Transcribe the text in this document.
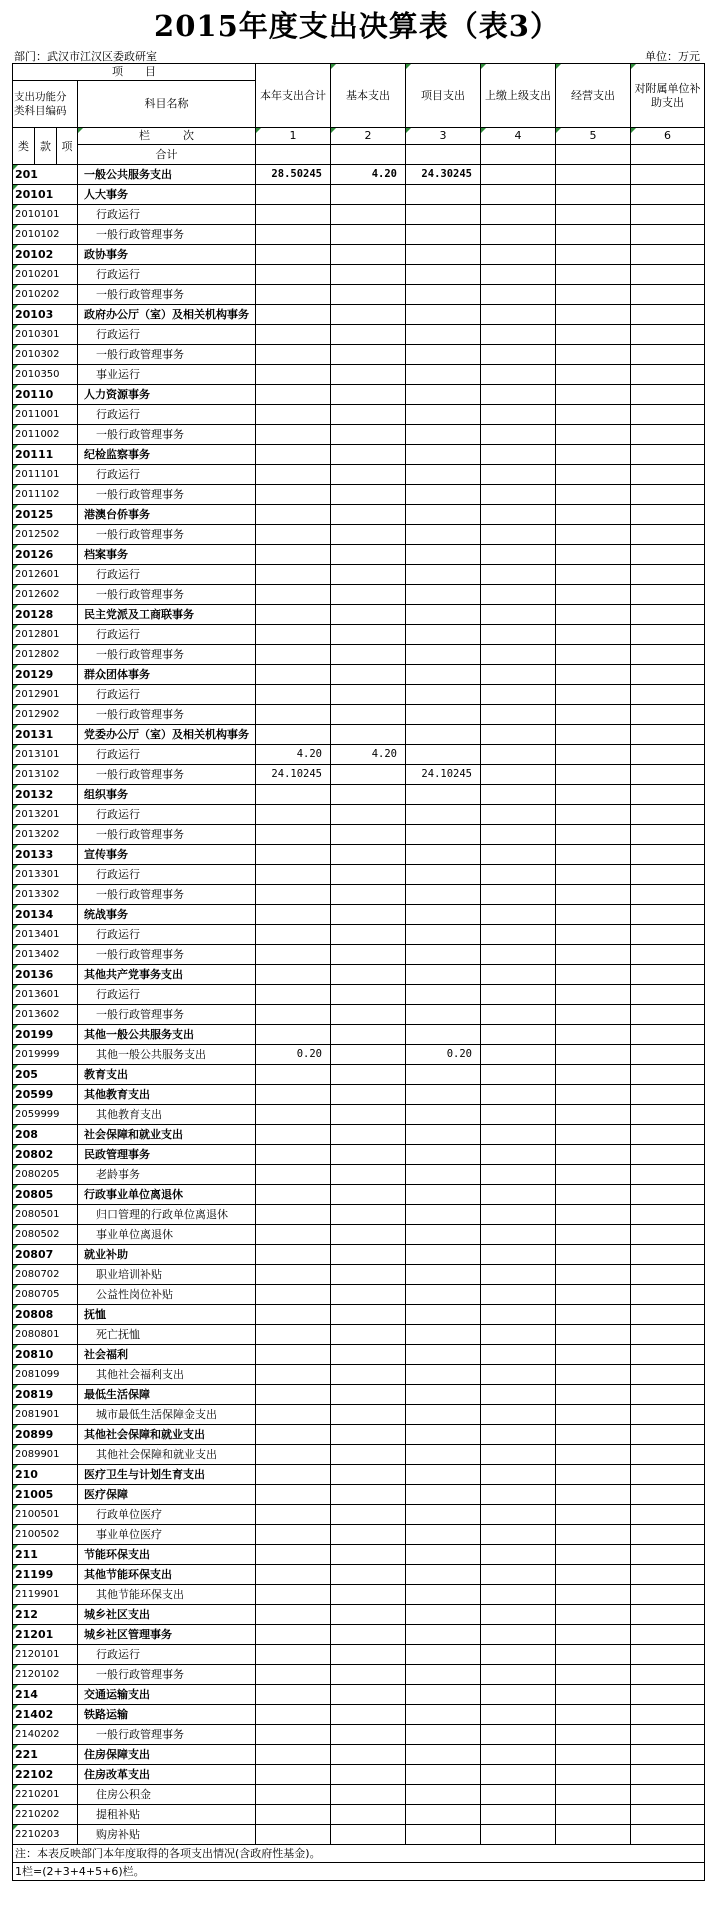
2015年度支出决算表（表3）
部门：武汉市江汉区委政研室	单位：万元
项　　目				本年支出合计	基本支出	项目支出	上缴上级支出	经营支出	对附属单位补助支出
支出功能分类科目编码			科目名称						

类	款	项	栏　　　次	1	2	3	4	5	6
			合计						
201			一般公共服务支出	28.50245	4.20	24.30245			
20101			人大事务						
2010101			行政运行						
2010102			一般行政管理事务						
20102			政协事务						
2010201			行政运行						
2010202			一般行政管理事务						
20103			政府办公厅（室）及相关机构事务						
2010301			行政运行						
2010302			一般行政管理事务						
2010350			事业运行						
20110			人力资源事务						
2011001			行政运行						
2011002			一般行政管理事务						
20111			纪检监察事务						
2011101			行政运行						
2011102			一般行政管理事务						
20125			港澳台侨事务						
2012502			一般行政管理事务						
20126			档案事务						
2012601			行政运行						
2012602			一般行政管理事务						
20128			民主党派及工商联事务						
2012801			行政运行						
2012802			一般行政管理事务						
20129			群众团体事务						
2012901			行政运行						
2012902			一般行政管理事务						
20131			党委办公厅（室）及相关机构事务						
2013101			行政运行	4.20	4.20				
2013102			一般行政管理事务	24.10245		24.10245			
20132			组织事务						
2013201			行政运行						
2013202			一般行政管理事务						
20133			宣传事务						
2013301			行政运行						
2013302			一般行政管理事务						
20134			统战事务						
2013401			行政运行						
2013402			一般行政管理事务						
20136			其他共产党事务支出						
2013601			行政运行						
2013602			一般行政管理事务						
20199			其他一般公共服务支出						
2019999			其他一般公共服务支出	0.20		0.20			
205			教育支出						
20599			其他教育支出						
2059999			其他教育支出						
208			社会保障和就业支出						
20802			民政管理事务						
2080205			老龄事务						
20805			行政事业单位离退休						
2080501			归口管理的行政单位离退休						
2080502			事业单位离退休						
20807			就业补助						
2080702			职业培训补贴						
2080705			公益性岗位补贴						
20808			抚恤						
2080801			死亡抚恤						
20810			社会福利						
2081099			其他社会福利支出						
20819			最低生活保障						
2081901			城市最低生活保障金支出						
20899			其他社会保障和就业支出						
2089901			其他社会保障和就业支出						
210			医疗卫生与计划生育支出						
21005			医疗保障						
2100501			行政单位医疗						
2100502			事业单位医疗						
211			节能环保支出						
21199			其他节能环保支出						
2119901			其他节能环保支出						
212			城乡社区支出						
21201			城乡社区管理事务						
2120101			行政运行						
2120102			一般行政管理事务						
214			交通运输支出						
21402			铁路运输						
2140202			一般行政管理事务						
221			住房保障支出						
22102			住房改革支出						
2210201			住房公积金						
2210202			提租补贴						
2210203			购房补贴						
注：本表反映部门本年度取得的各项支出情况(含政府性基金)。									
1栏=(2+3+4+5+6)栏。									
